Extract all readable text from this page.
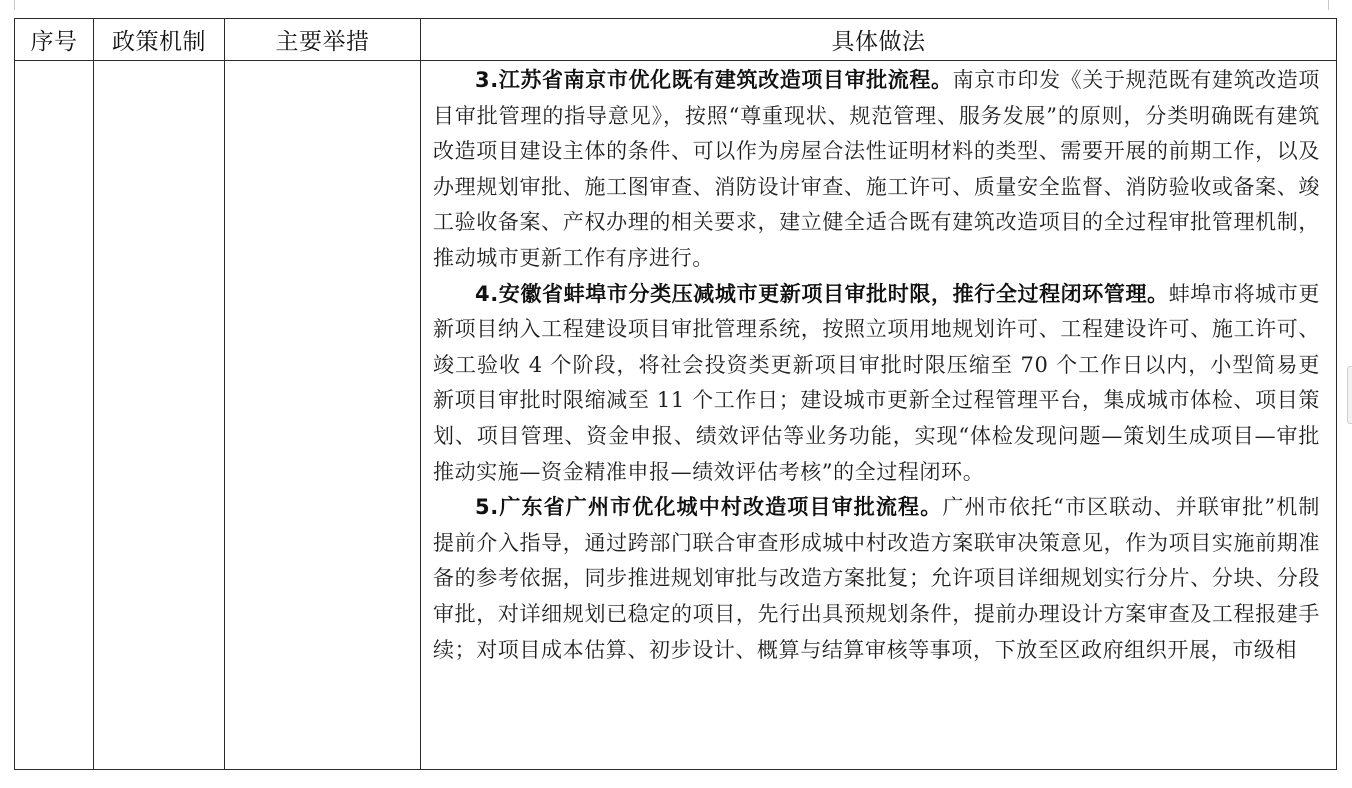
序号	政策机制	主要举措	具体做法

			3.江苏省南京市优化既有建筑改造项目审批流程。南京市印发《关于规范既有建筑改造项目审批管理的指导意见》，按照“尊重现状、规范管理、服务发展”的原则，分类明确既有建筑改造项目建设主体的条件、可以作为房屋合法性证明材料的类型、需要开展的前期工作，以及办理规划审批、施工图审查、消防设计审查、施工许可、质量安全监督、消防验收或备案、竣工验收备案、产权办理的相关要求，建立健全适合既有建筑改造项目的全过程审批管理机制，推动城市更新工作有序进行。

4.安徽省蚌埠市分类压减城市更新项目审批时限，推行全过程闭环管理。蚌埠市将城市更新项目纳入工程建设项目审批管理系统，按照立项用地规划许可、工程建设许可、施工许可、竣工验收 4 个阶段，将社会投资类更新项目审批时限压缩至 70 个工作日以内，小型简易更新项目审批时限缩减至 11 个工作日；建设城市更新全过程管理平台，集成城市体检、项目策划、项目管理、资金申报、绩效评估等业务功能，实现“体检发现问题—策划生成项目—审批推动实施—资金精准申报—绩效评估考核”的全过程闭环。

5.广东省广州市优化城中村改造项目审批流程。广州市依托“市区联动、并联审批”机制提前介入指导，通过跨部门联合审查形成城中村改造方案联审决策意见，作为项目实施前期准备的参考依据，同步推进规划审批与改造方案批复；允许项目详细规划实行分片、分块、分段审批，对详细规划已稳定的项目，先行出具预规划条件，提前办理设计方案审查及工程报建手续；对项目成本估算、初步设计、概算与结算审核等事项，下放至区政府组织开展，市级相
